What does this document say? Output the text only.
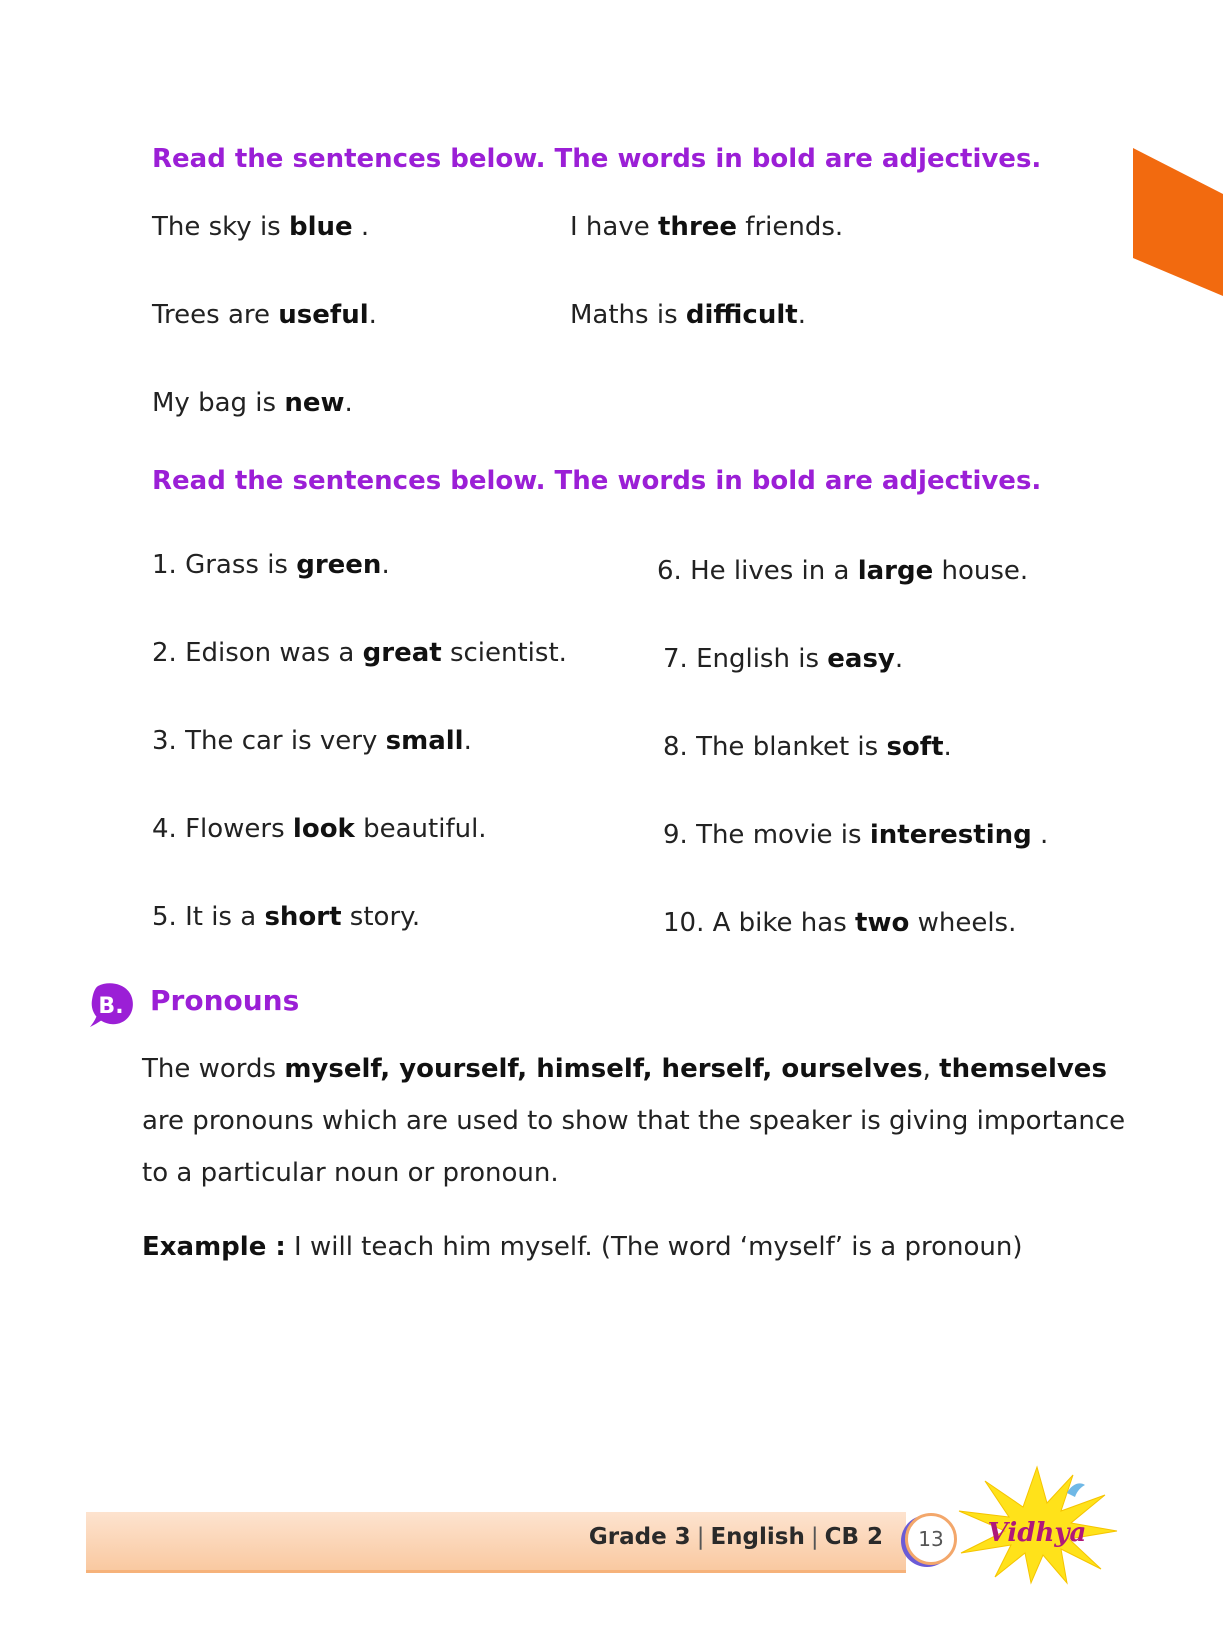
Read the sentences below. The words in bold are adjectives.
The sky is blue .	I have three friends.
Trees are useful.	Maths is difficult.
My bag is new.
Read the sentences below. The words in bold are adjectives.
1. Grass is green.
2. Edison was a great scientist.
3. The car is very small.
4. Flowers look beautiful.
5. It is a short story.
6. He lives in a large house.
7. English is easy.
8. The blanket is soft.
9. The movie is interesting .
10. A bike has two wheels.
B. Pronouns
The words myself, yourself, himself, herself, ourselves, themselves are pronouns which are used to show that the speaker is giving importance to a particular noun or pronoun.
Example : I will teach him myself. (The word ‘myself’ is a pronoun)
Grade 3 | English | CB 2	13	Vidhya
